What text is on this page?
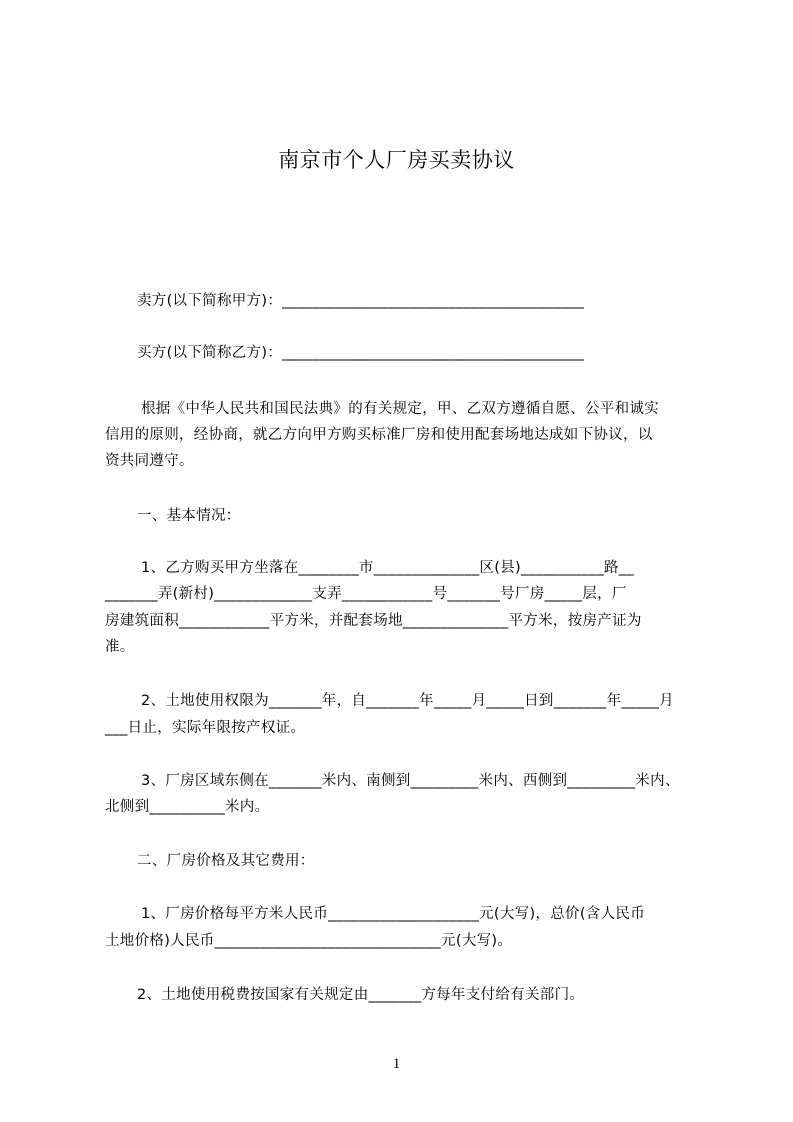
南京市个人厂房买卖协议
卖方(以下简称甲方)：________________________________________
买方(以下简称乙方)：________________________________________
根据《中华人民共和国民法典》的有关规定，甲、乙双方遵循自愿、公平和诚实
信用的原则，经协商，就乙方向甲方购买标准厂房和使用配套场地达成如下协议，以
资共同遵守。
一、基本情况：
1、乙方购买甲方坐落在________市______________区(县)___________路__
_______弄(新村)_____________支弄____________号_______号厂房_____层，厂
房建筑面积____________平方米，并配套场地______________平方米，按房产证为
准。
2、土地使用权限为_______年，自_______年_____月_____日到_______年_____月
___日止，实际年限按产权证。
3、厂房区域东侧在_______米内、南侧到_________米内、西侧到_________米内、
北侧到__________米内。
二、厂房价格及其它费用：
1、厂房价格每平方米人民币____________________元(大写)，总价(含人民币
土地价格)人民币______________________________元(大写)。
2、土地使用税费按国家有关规定由_______方每年支付给有关部门。
1
